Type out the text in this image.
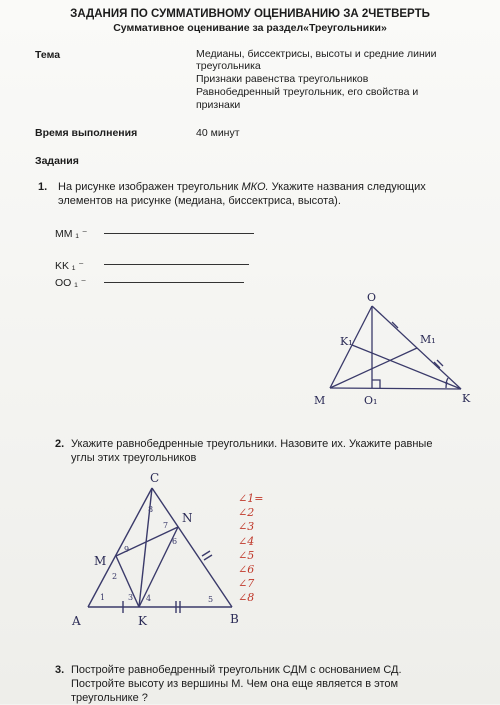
ЗАДАНИЯ ПО СУММАТИВНОМУ ОЦЕНИВАНИЮ ЗА 2ЧЕТВЕРТЬ
Суммативное оценивание за раздел«Треугольники»
Тема	Медианы, биссектрисы, высоты и средние линии
треугольника
Признаки равенства треугольников
Равнобедренный треугольник, его свойства и
признаки
Время выполнения	40 минут
Задания
1. На рисунке изображен треугольник МКО. Укажите названия следующих
элементов на рисунке (медиана, биссектриса, высота).
MM ₁ ⁻
KK ₁ ⁻
OO ₁ ⁻
O
K₁	M₁
M	O₁	K
2. Укажите равнобедренные треугольники. Назовите их. Укажите равные
углы этих треугольников
C
N
M
A	K	B
1
2
3 4	5
6
7
8
9
∠1=
∠2
∠3
∠4
∠5
∠6
∠7
∠8
3. Постройте равнобедренный треугольник СДМ с основанием СД.
Постройте высоту из вершины М. Чем она еще является в этом
треугольнике ?
